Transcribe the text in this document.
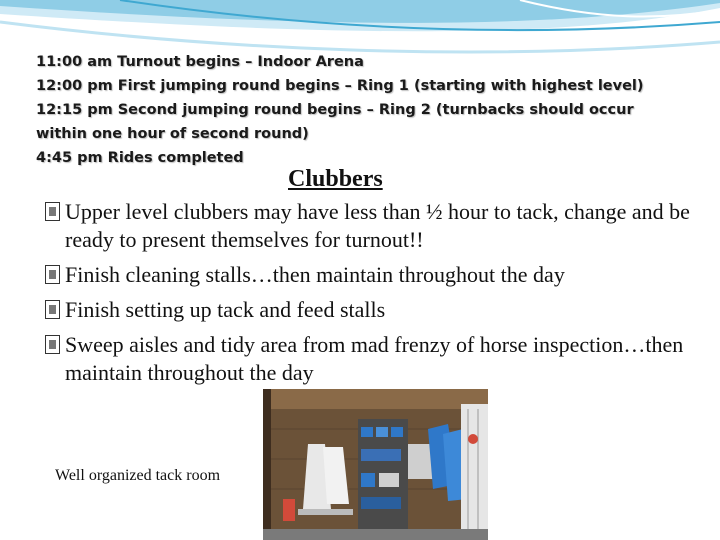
11:00 am Turnout begins – Indoor Arena
12:00 pm First jumping round begins – Ring 1 (starting with highest level)
12:15 pm Second jumping round begins – Ring 2 (turnbacks should occur
within one hour of second round)
4:45 pm Rides completed
Clubbers
Upper level clubbers may have less than ½ hour to tack, change and be ready to present themselves for turnout!!
Finish cleaning stalls…then maintain throughout the day
Finish setting up tack and feed stalls
Sweep aisles and tidy area from mad frenzy of horse inspection…then maintain throughout the day
Well organized tack room
